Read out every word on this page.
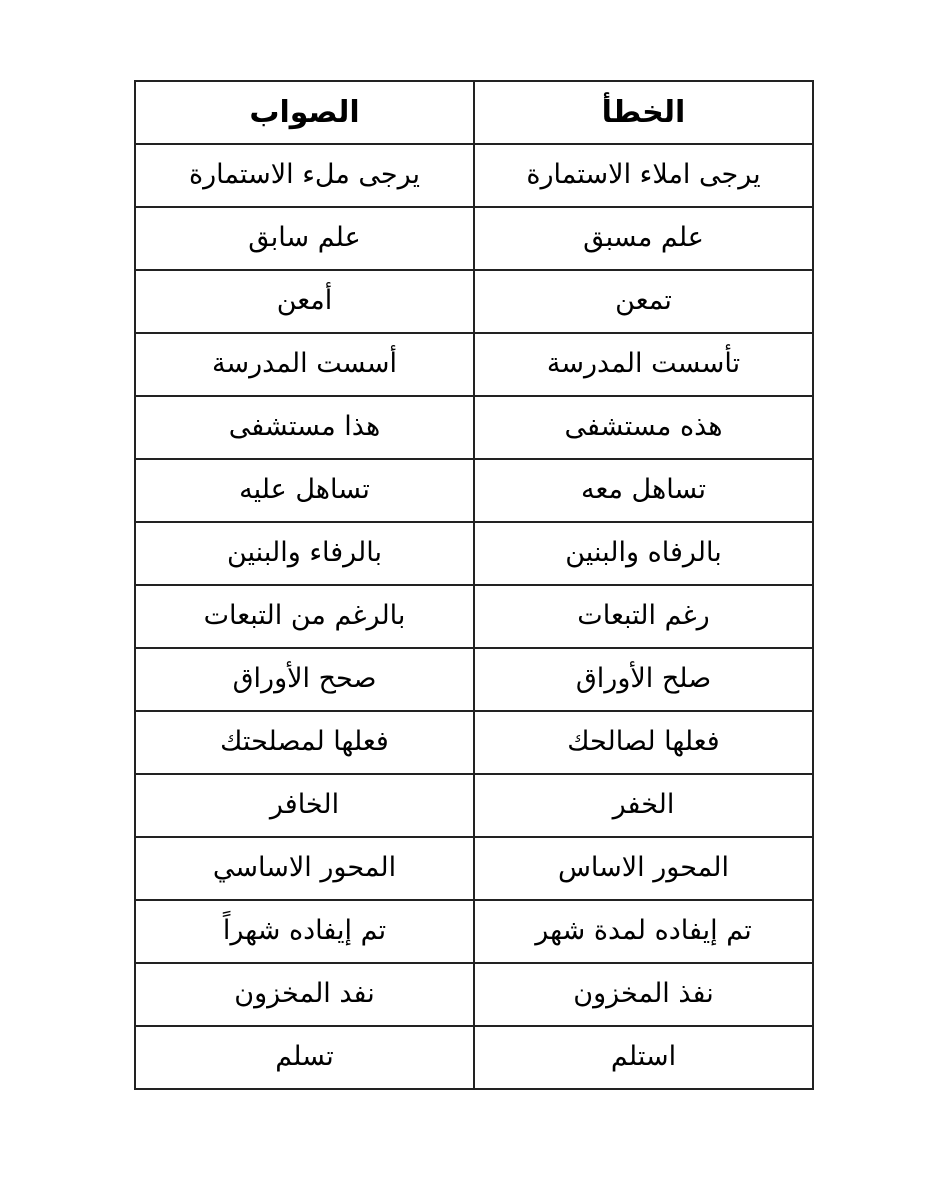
الخطأ	الصواب
يرجى املاء الاستمارة	يرجى ملء الاستمارة
علم مسبق	علم سابق
تمعن	أمعن
تأسست المدرسة	أسست المدرسة
هذه مستشفى	هذا مستشفى
تساهل معه	تساهل عليه
بالرفاه والبنين	بالرفاء والبنين
رغم التبعات	بالرغم من التبعات
صلح الأوراق	صحح الأوراق
فعلها لصالحك	فعلها لمصلحتك
الخفر	الخافر
المحور الاساس	المحور الاساسي
تم إيفاده لمدة شهر	تم إيفاده شهراً
نفذ المخزون	نفد المخزون
استلم	تسلم
